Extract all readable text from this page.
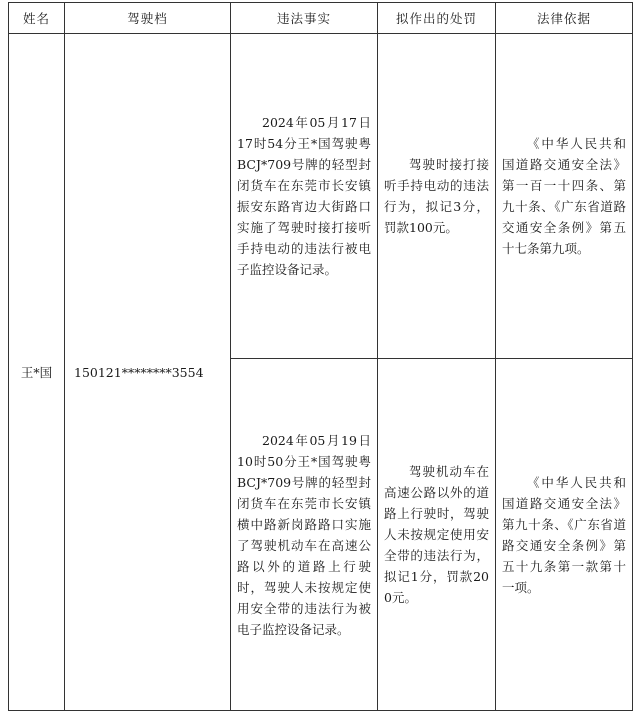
姓名	驾驶档	违法事实	拟作出的处罚	法律依据
王*国	150121********3554	2024年05月17日17时54分王*国驾驶粤BCJ*709号牌的轻型封闭货车在东莞市长安镇振安东路宵边大街路口实施了驾驶时接打接听手持电动的违法行被电子监控设备记录。	驾驶时接打接听手持电动的违法行为，拟记3分，罚款100元。	《中华人民共和国道路交通安全法》第一百一十四条、第九十条、《广东省道路交通安全条例》第五十七条第九项。

		2024年05月19日10时50分王*国驾驶粤BCJ*709号牌的轻型封闭货车在东莞市长安镇横中路新岗路路口实施了驾驶机动车在高速公路以外的道路上行驶时，驾驶人未按规定使用安全带的违法行为被电子监控设备记录。	驾驶机动车在高速公路以外的道路上行驶时，驾驶人未按规定使用安全带的违法行为，拟记1分，罚款200元。	《中华人民共和国道路交通安全法》第九十条、《广东省道路交通安全条例》第五十九条第一款第十一项。
